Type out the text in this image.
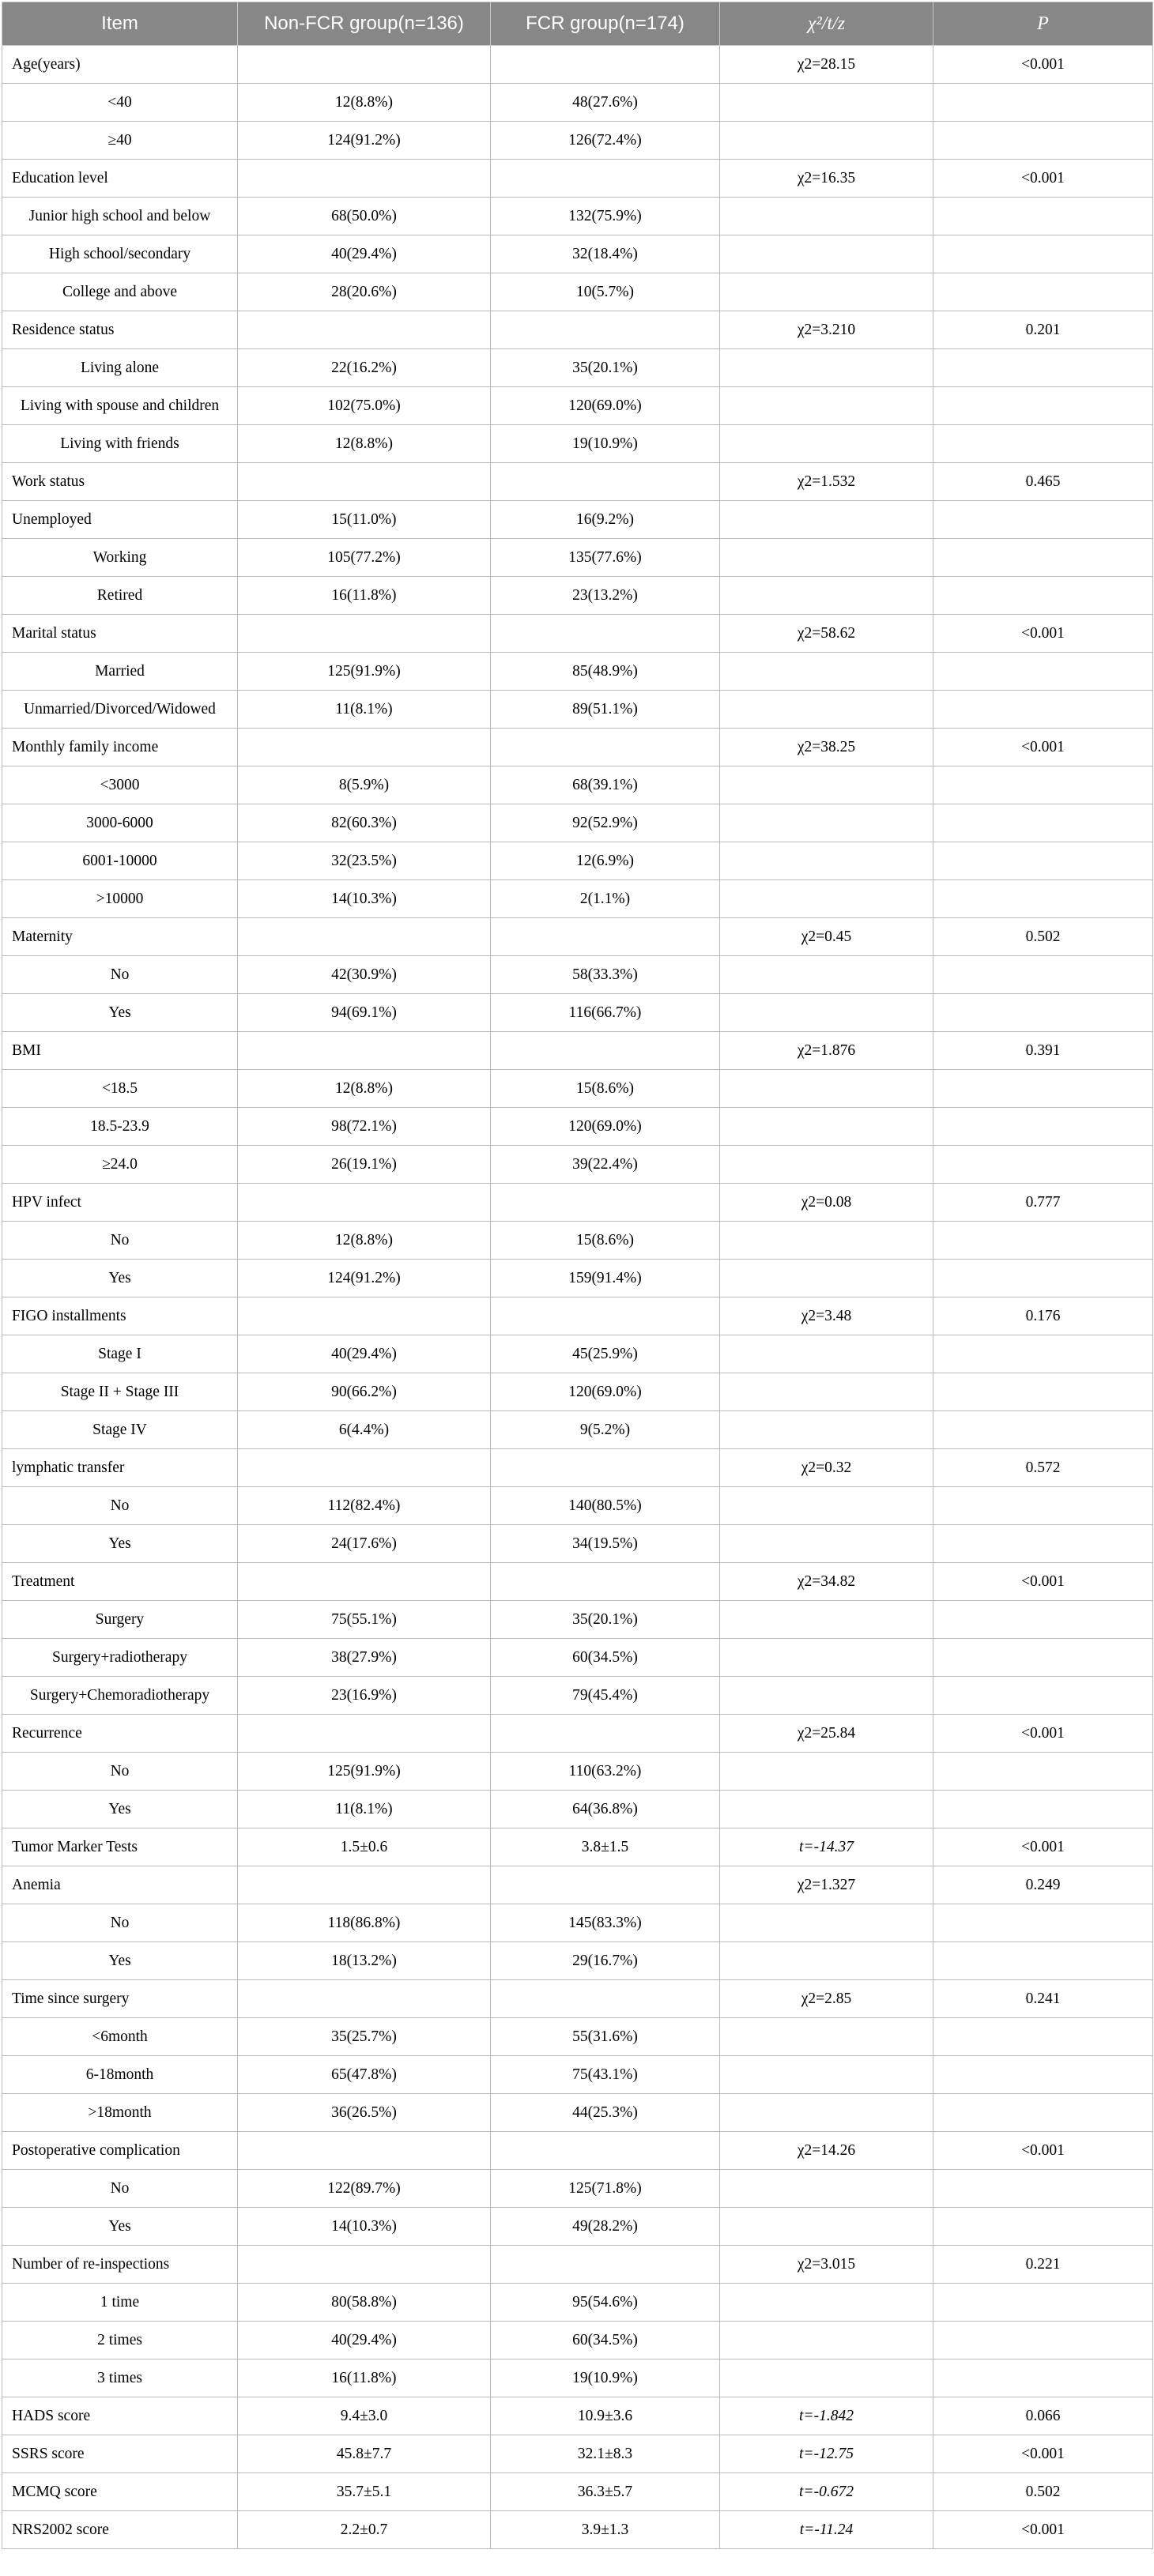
Item	Non-FCR group(n=136)	FCR group(n=174)	χ²/t/z	P
Age(years)			χ2=28.15	<0.001
<40	12(8.8%)	48(27.6%)		
≥40	124(91.2%)	126(72.4%)		
Education level			χ2=16.35	<0.001
Junior high school and below	68(50.0%)	132(75.9%)		
High school/secondary	40(29.4%)	32(18.4%)		
College and above	28(20.6%)	10(5.7%)		
Residence status			χ2=3.210	0.201
Living alone	22(16.2%)	35(20.1%)		
Living with spouse and children	102(75.0%)	120(69.0%)		
Living with friends	12(8.8%)	19(10.9%)		
Work status			χ2=1.532	0.465
Unemployed	15(11.0%)	16(9.2%)		
Working	105(77.2%)	135(77.6%)		
Retired	16(11.8%)	23(13.2%)		
Marital status			χ2=58.62	<0.001
Married	125(91.9%)	85(48.9%)		
Unmarried/Divorced/Widowed	11(8.1%)	89(51.1%)		
Monthly family income			χ2=38.25	<0.001
<3000	8(5.9%)	68(39.1%)		
3000-6000	82(60.3%)	92(52.9%)		
6001-10000	32(23.5%)	12(6.9%)		
>10000	14(10.3%)	2(1.1%)		
Maternity			χ2=0.45	0.502
No	42(30.9%)	58(33.3%)		
Yes	94(69.1%)	116(66.7%)		
BMI			χ2=1.876	0.391
<18.5	12(8.8%)	15(8.6%)		
18.5-23.9	98(72.1%)	120(69.0%)		
≥24.0	26(19.1%)	39(22.4%)		
HPV infect			χ2=0.08	0.777
No	12(8.8%)	15(8.6%)		
Yes	124(91.2%)	159(91.4%)		
FIGO installments			χ2=3.48	0.176
Stage I	40(29.4%)	45(25.9%)		
Stage II + Stage III	90(66.2%)	120(69.0%)		
Stage IV	6(4.4%)	9(5.2%)		
lymphatic transfer			χ2=0.32	0.572
No	112(82.4%)	140(80.5%)		
Yes	24(17.6%)	34(19.5%)		
Treatment			χ2=34.82	<0.001
Surgery	75(55.1%)	35(20.1%)		
Surgery+radiotherapy	38(27.9%)	60(34.5%)		
Surgery+Chemoradiotherapy	23(16.9%)	79(45.4%)		
Recurrence			χ2=25.84	<0.001
No	125(91.9%)	110(63.2%)		
Yes	11(8.1%)	64(36.8%)		
Tumor Marker Tests	1.5±0.6	3.8±1.5	t=-14.37	<0.001
Anemia			χ2=1.327	0.249
No	118(86.8%)	145(83.3%)		
Yes	18(13.2%)	29(16.7%)		
Time since surgery			χ2=2.85	0.241
<6month	35(25.7%)	55(31.6%)		
6-18month	65(47.8%)	75(43.1%)		
>18month	36(26.5%)	44(25.3%)		
Postoperative complication			χ2=14.26	<0.001
No	122(89.7%)	125(71.8%)		
Yes	14(10.3%)	49(28.2%)		
Number of re-inspections			χ2=3.015	0.221
1 time	80(58.8%)	95(54.6%)		
2 times	40(29.4%)	60(34.5%)		
3 times	16(11.8%)	19(10.9%)		
HADS score	9.4±3.0	10.9±3.6	t=-1.842	0.066
SSRS score	45.8±7.7	32.1±8.3	t=-12.75	<0.001
MCMQ score	35.7±5.1	36.3±5.7	t=-0.672	0.502
NRS2002 score	2.2±0.7	3.9±1.3	t=-11.24	<0.001
